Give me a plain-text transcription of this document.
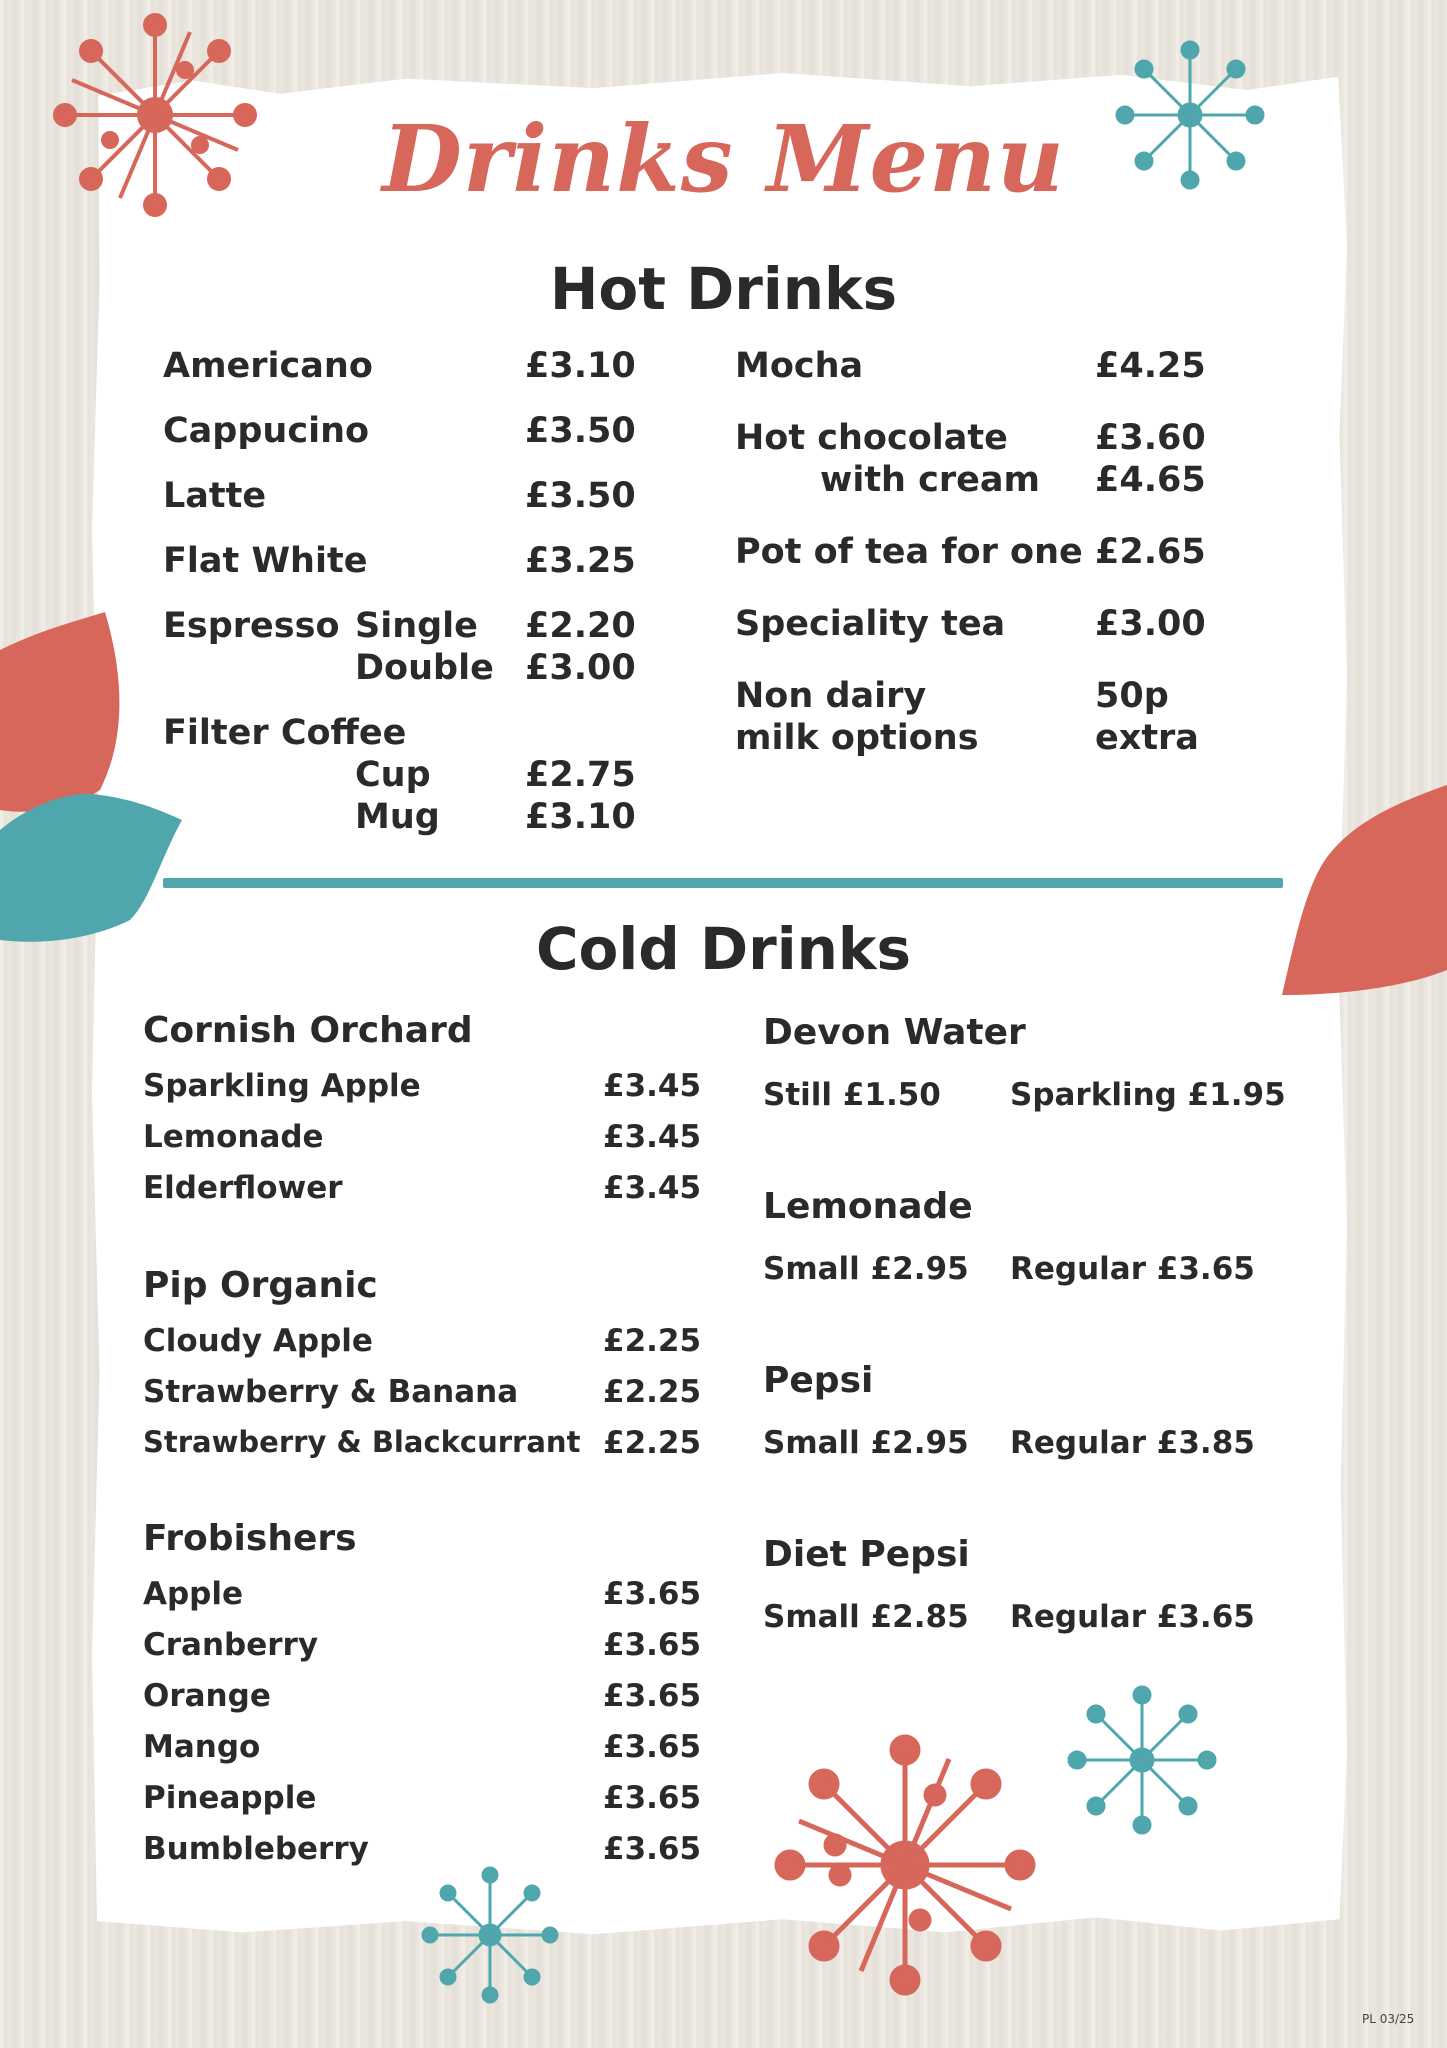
Drinks Menu
Hot Drinks
Americano	£3.10
Cappucino	£3.50
Latte	£3.50
Flat White	£3.25
Espresso Single £2.20
Double £3.00
Filter Coffee
Cup	£2.75
Mug £3.10
Mocha	£4.25
Hot chocolate £3.60
with cream £4.65
Pot of tea for one £2.65
Speciality tea	£3.00
Non dairy	50p
milk options	extra
Cold Drinks
Cornish Orchard
Sparkling Apple	£3.45
Lemonade	£3.45
Elderflower	£3.45
Pip Organic
Cloudy Apple	£2.25
Strawberry & Banana	£2.25
Strawberry & Blackcurrant £2.25
Frobishers
Apple	£3.65
Cranberry	£3.65
Orange	£3.65
Mango	£3.65
Pineapple	£3.65
Bumbleberry	£3.65
Devon Water
Still £1.50 Sparkling £1.95
Lemonade
Small £2.95 Regular £3.65
Pepsi
Small £2.95 Regular £3.85
Diet Pepsi
Small £2.85 Regular £3.65
PL 03/25
